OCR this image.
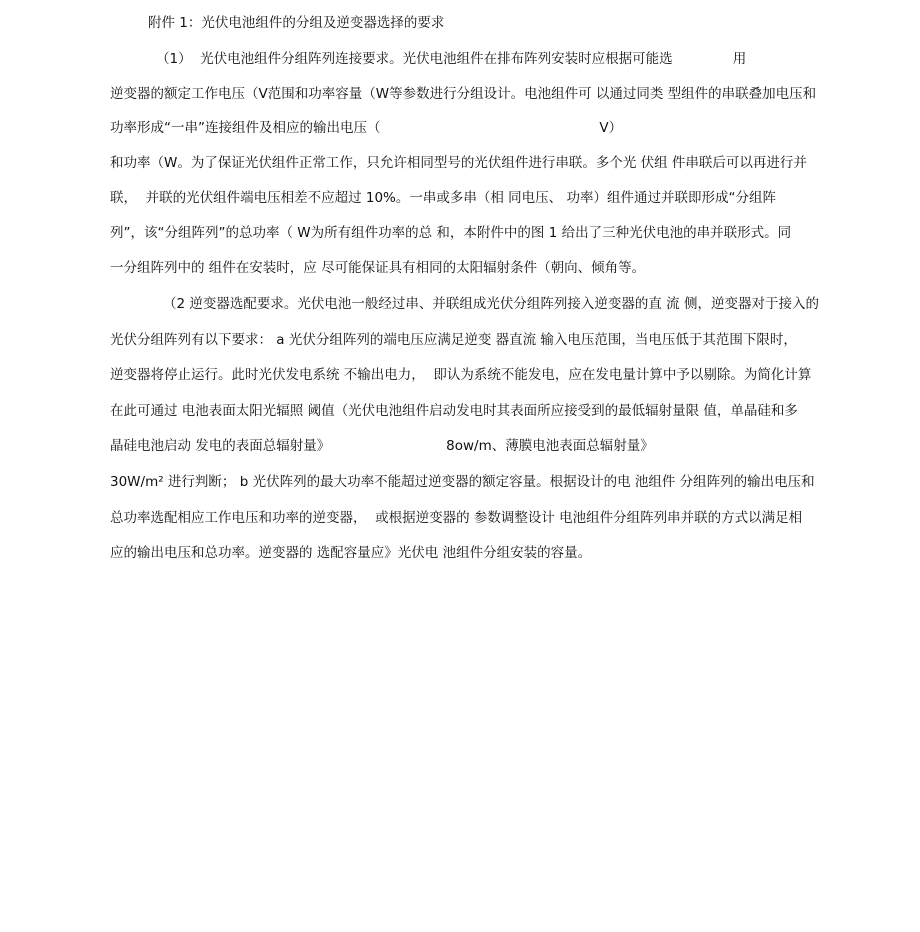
附件 1：光伏电池组件的分组及逆变器选择的要求
（1）  光伏电池组件分组阵列连接要求。光伏电池组件在排布阵列安装时应根据可能选              用
逆变器的额定工作电压（V范围和功率容量（W等参数进行分组设计。电池组件可 以通过同类 型组件的串联叠加电压和
功率形成“一串”连接组件及相应的输出电压（                                                   V）
和功率（W。为了保证光伏组件正常工作，只允许相同型号的光伏组件进行串联。多个光 伏组 件串联后可以再进行并
联，  并联的光伏组件端电压相差不应超过 10%。一串或多串（相 同电压、 功率）组件通过并联即形成“分组阵
列”，该“分组阵列”的总功率（ W为所有组件功率的总 和，本附件中的图 1 给出了三种光伏电池的串并联形式。同
一分组阵列中的 组件在安装时，应 尽可能保证具有相同的太阳辐射条件（朝向、倾角等。
（2 逆变器选配要求。光伏电池一般经过串、并联组成光伏分组阵列接入逆变器的直 流 侧，逆变器对于接入的
光伏分组阵列有以下要求： a 光伏分组阵列的端电压应满足逆变 器直流 输入电压范围，当电压低于其范围下限时，
逆变器将停止运行。此时光伏发电系统 不输出电力，  即认为系统不能发电，应在发电量计算中予以剔除。为简化计算
在此可通过 电池表面太阳光辐照 阈值（光伏电池组件启动发电时其表面所应接受到的最低辐射量限 值，单晶硅和多
晶硅电池启动 发电的表面总辐射量》                           8ow/m、薄膜电池表面总辐射量》
30W/m² 进行判断； b 光伏阵列的最大功率不能超过逆变器的额定容量。根据设计的电 池组件 分组阵列的输出电压和
总功率选配相应工作电压和功率的逆变器，  或根据逆变器的 参数调整设计 电池组件分组阵列串并联的方式以满足相
应的输出电压和总功率。逆变器的 选配容量应》光伏电 池组件分组安装的容量。
